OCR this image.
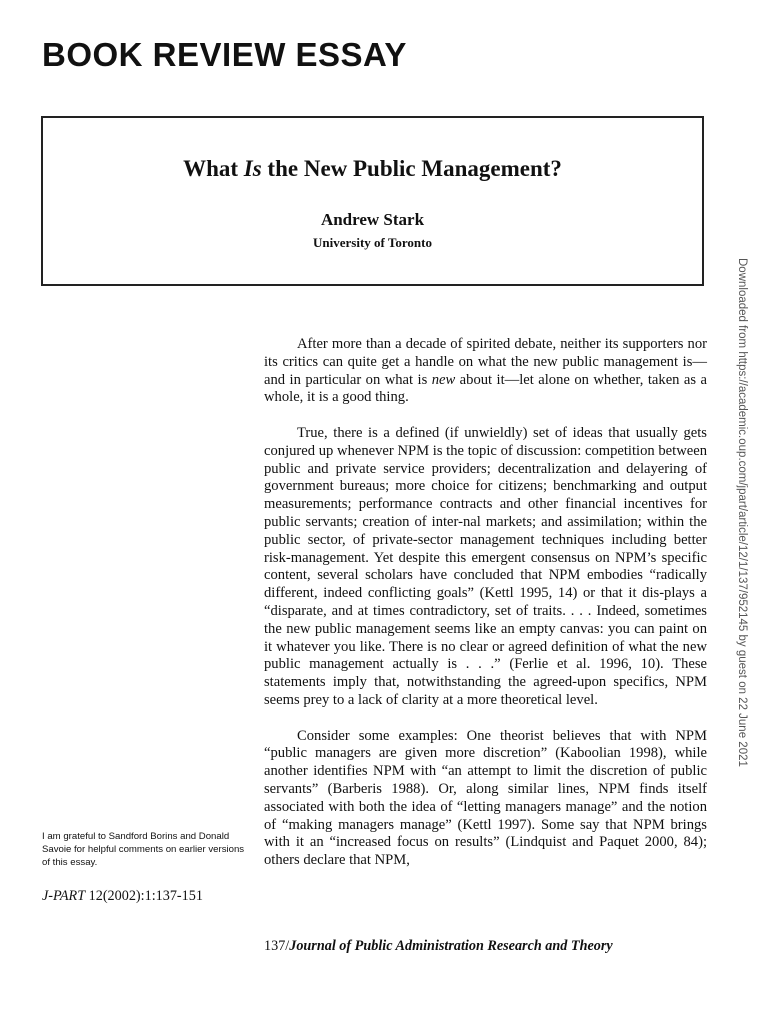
BOOK REVIEW ESSAY
What Is the New Public Management?
Andrew Stark
University of Toronto

After more than a decade of spirited debate, neither its supporters nor its critics can quite get a handle on what the new public management is—and in particular on what is new about it—let alone on whether, taken as a whole, it is a good thing.

True, there is a defined (if unwieldly) set of ideas that usually gets conjured up whenever NPM is the topic of discussion: competition between public and private service providers; decentralization and delayering of government bureaus; more choice for citizens; benchmarking and output measurements; performance contracts and other financial incentives for public servants; creation of inter-nal markets; and assimilation; within the public sector, of private-sector management techniques including better risk-management. Yet despite this emergent consensus on NPM’s specific content, several scholars have concluded that NPM embodies “radically different, indeed conflicting goals” (Kettl 1995, 14) or that it dis-plays a “disparate, and at times contradictory, set of traits. . . . Indeed, sometimes the new public management seems like an empty canvas: you can paint on it whatever you like. There is no clear or agreed definition of what the new public management actually is . . .” (Ferlie et al. 1996, 10). These statements imply that, notwithstanding the agreed-upon specifics, NPM seems prey to a lack of clarity at a more theoretical level.

Consider some examples: One theorist believes that with NPM “public managers are given more discretion” (Kaboolian 1998), while another identifies NPM with “an attempt to limit the discretion of public servants” (Barberis 1988). Or, along similar lines, NPM finds itself associated with both the idea of “letting managers manage” and the notion of “making managers manage” (Kettl 1997). Some say that NPM brings with it an “increased focus on results” (Lindquist and Paquet 2000, 84); others declare that NPM,

I am grateful to Sandford Borins and Donald Savoie for helpful comments on earlier versions of this essay.
J-PART 12(2002):1:137-151
137/Journal of Public Administration Research and Theory
Downloaded from https://academic.oup.com/jpart/article/12/1/137/952145 by guest on 22 June 2021
